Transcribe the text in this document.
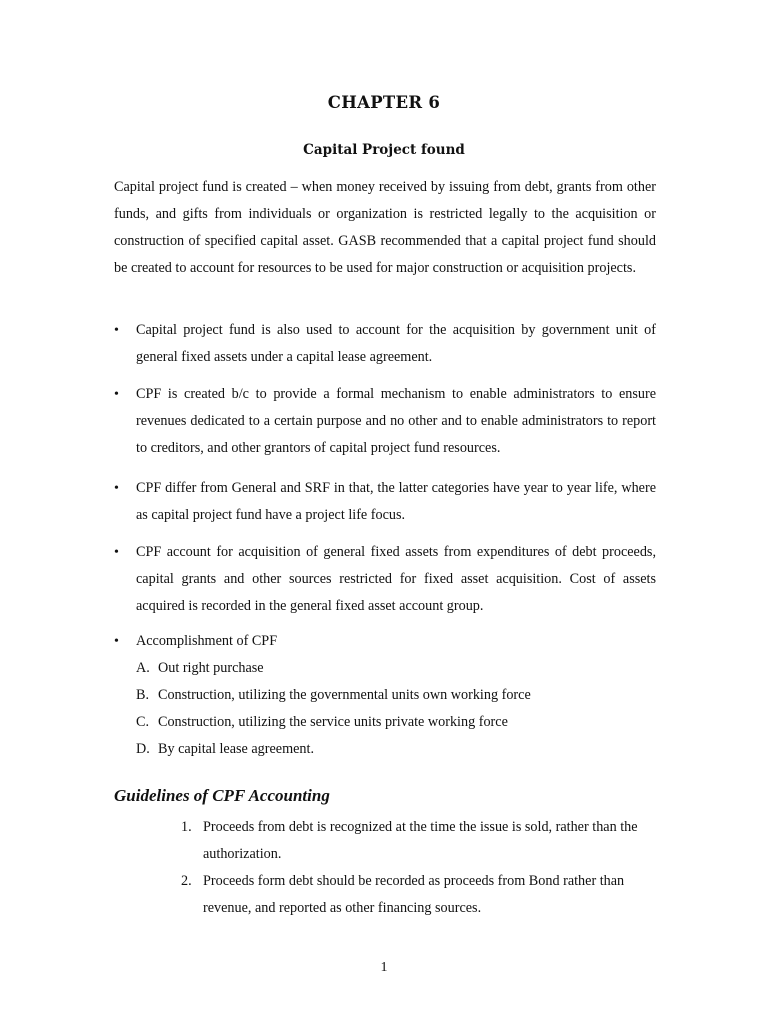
CHAPTER 6
Capital Project found

Capital project fund is created – when money received by issuing from debt, grants from other funds, and gifts from individuals or organization is restricted legally to the acquisition or construction of specified capital asset. GASB recommended that a capital project fund should be created to account for resources to be used for major construction or acquisition projects.

•	Capital project fund is also used to account for the acquisition by government unit of general fixed assets under a capital lease agreement.

•	CPF is created b/c to provide a formal mechanism to enable administrators to ensure revenues dedicated to a certain purpose and no other and to enable administrators to report to creditors, and other grantors of capital project fund resources.

•	CPF differ from General and SRF in that, the latter categories have year to year life, where as capital project fund have a project life focus.

•	CPF account for acquisition of general fixed assets from expenditures of debt proceeds, capital grants and other sources restricted for fixed asset acquisition. Cost of assets acquired is recorded in the general fixed asset account group.

•	Accomplishment of CPF
A. Out right purchase
B. Construction, utilizing the governmental units own working force
C. Construction, utilizing the service units private working force
D. By capital lease agreement.
Guidelines of CPF Accounting
1. Proceeds from debt is recognized at the time the issue is sold, rather than the authorization.
2. Proceeds form debt should be recorded as proceeds from Bond rather than revenue, and reported as other financing sources.
1
